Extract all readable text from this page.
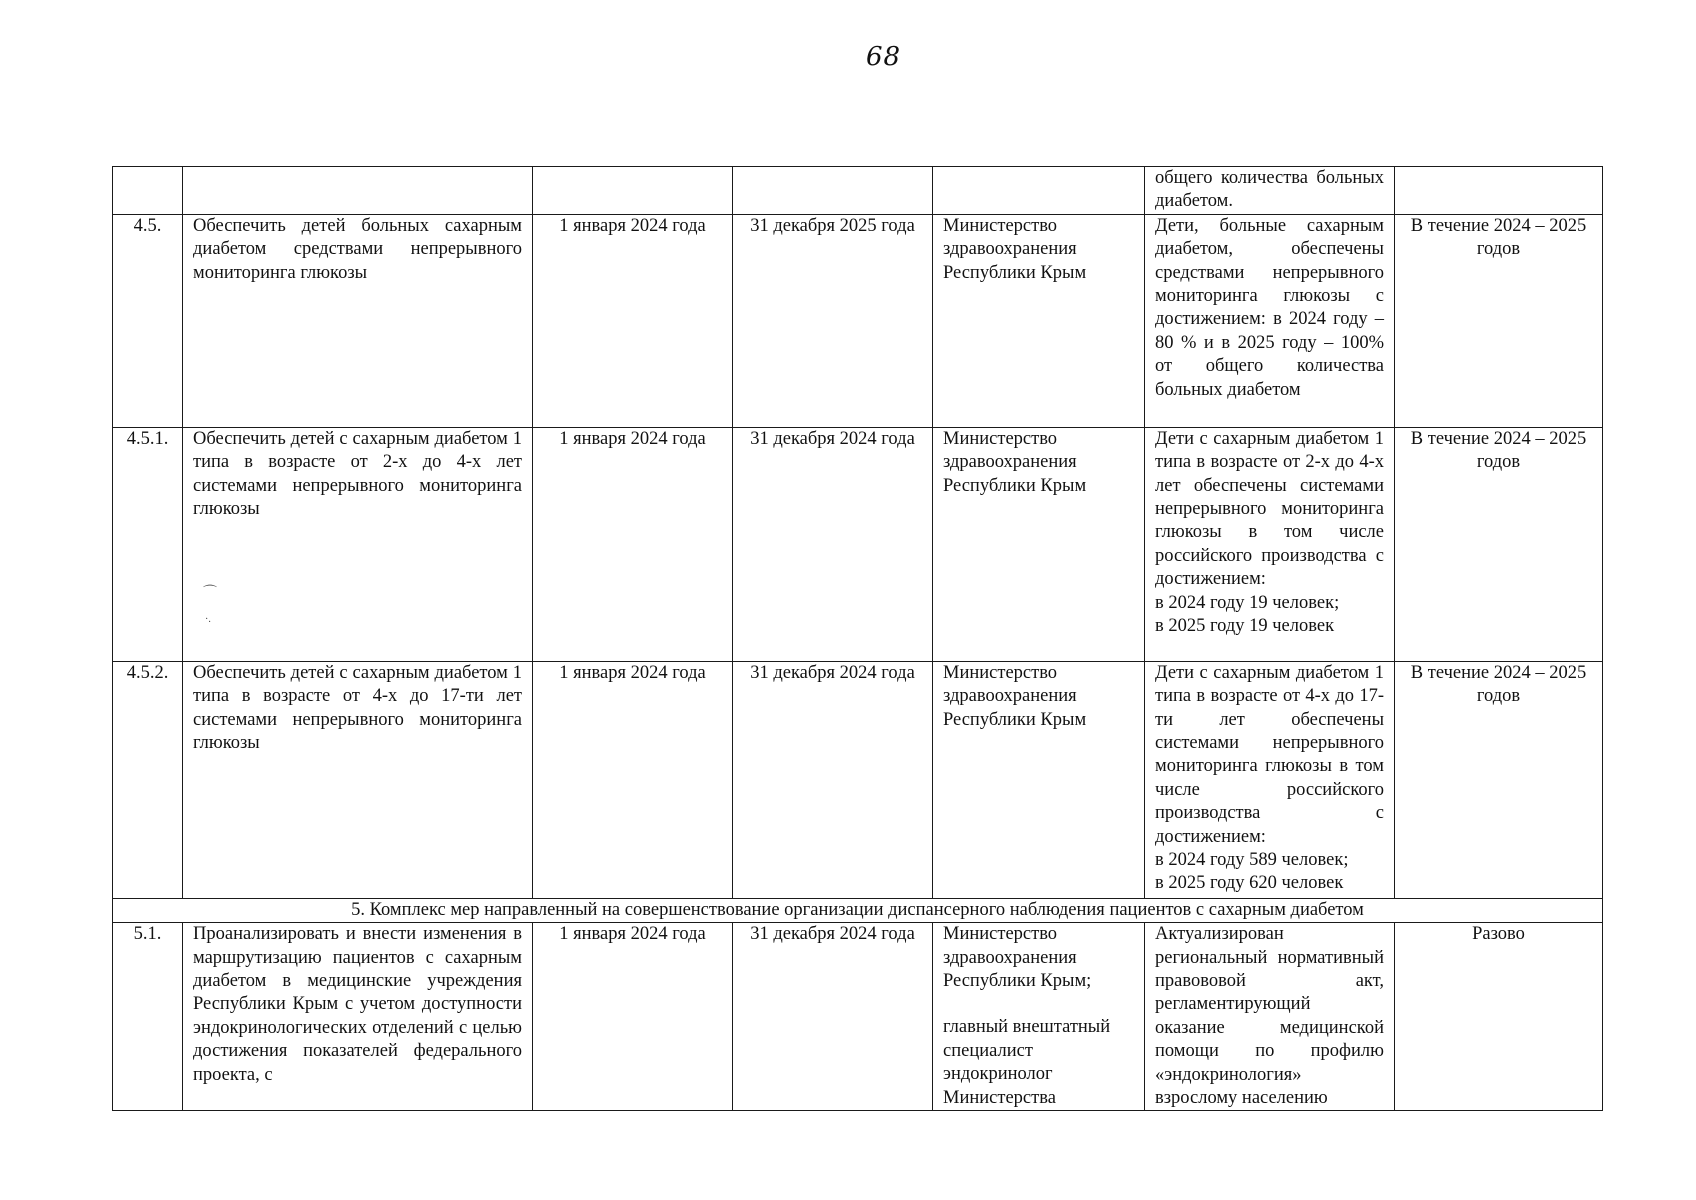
68
					общего количества больных диабетом.	
4.5.	Обеспечить детей больных сахарным диабетом средствами непрерывного мониторинга глюкозы	1 января 2024 года	31 декабря 2025 года	Министерство здравоохранения Республики Крым	Дети, больные сахарным диабетом, обеспечены средствами непрерывного мониторинга глюкозы с достижением: в 2024 году – 80 % и в 2025 году – 100% от общего количества больных диабетом	В течение 2024 – 2025 годов
4.5.1.	Обеспечить детей с сахарным диабетом 1 типа в возрасте от 2-х до 4-х лет системами непрерывного мониторинга глюкозы	1 января 2024 года	31 декабря 2024 года	Министерство здравоохранения Республики Крым	Дети с сахарным диабетом 1 типа в возрасте от 2-х до 4-х лет обеспечены системами непрерывного мониторинга глюкозы в том числе российского производства с достижением:
в 2024 году 19 человек;
в 2025 году 19 человек	В течение 2024 – 2025 годов
4.5.2.	Обеспечить детей с сахарным диабетом 1 типа в возрасте от 4-х до 17-ти лет системами непрерывного мониторинга глюкозы	1 января 2024 года	31 декабря 2024 года	Министерство здравоохранения Республики Крым	Дети с сахарным диабетом 1 типа в возрасте от 4-х до 17-ти лет обеспечены системами непрерывного мониторинга глюкозы в том числе российского производства с достижением:
в 2024 году 589 человек;
в 2025 году 620 человек	В течение 2024 – 2025 годов
5. Комплекс мер направленный на совершенствование организации диспансерного наблюдения пациентов с сахарным диабетом						
5.1.	Проанализировать и внести изменения в маршрутизацию пациентов с сахарным диабетом в медицинские учреждения Республики Крым с учетом доступности эндокринологических отделений с целью достижения показателей федерального проекта, с	1 января 2024 года	31 декабря 2024 года	Министерство здравоохранения Республики Крым;
главный внештатный специалист эндокринолог Министерства	Актуализирован региональный нормативный правововой акт, регламентирующий оказание медицинской помощи по профилю «эндокринология» взрослому населению	Разово
⌒
·.
